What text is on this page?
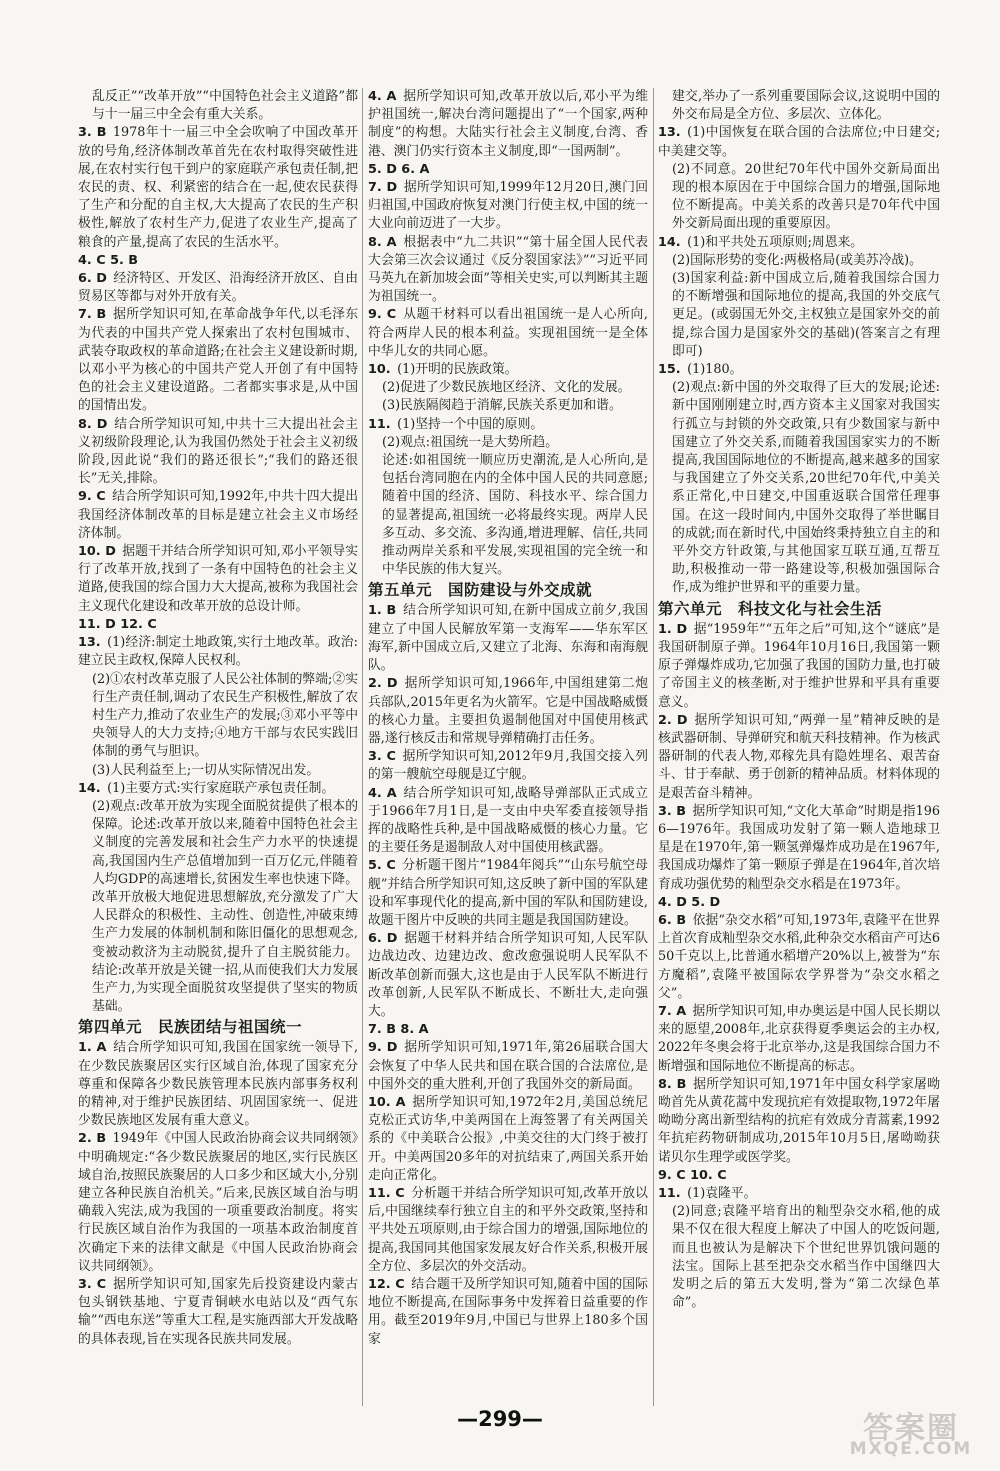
乱反正”“改革开放”“中国特色社会主义道路”都与十一届三中全会有重大关系。

3. B  1978年十一届三中全会吹响了中国改革开放的号角,经济体制改革首先在农村取得突破性进展,在农村实行包干到户的家庭联产承包责任制,把农民的责、权、利紧密的结合在一起,使农民获得了生产和分配的自主权,大大提高了农民的生产积极性,解放了农村生产力,促进了农业生产,提高了粮食的产量,提高了农民的生活水平。

4. C 5. B 

6. D  经济特区、开发区、沿海经济开放区、自由贸易区等都与对外开放有关。

7. B  据所学知识可知,在革命战争年代,以毛泽东为代表的中国共产党人探索出了农村包围城市、武装夺取政权的革命道路;在社会主义建设新时期,以邓小平为核心的中国共产党人开创了有中国特色的社会主义建设道路。二者都实事求是,从中国的国情出发。

8. D  结合所学知识可知,中共十三大提出社会主义初级阶段理论,认为我国仍然处于社会主义初级阶段,因此说“我们的路还很长”;“我们的路还很长”无关,排除。

9. C  结合所学知识可知,1992年,中共十四大提出我国经济体制改革的目标是建立社会主义市场经济体制。

10. D  据题干并结合所学知识可知,邓小平领导实行了改革开放,找到了一条有中国特色的社会主义道路,使我国的综合国力大大提高,被称为我国社会主义现代化建设和改革开放的总设计师。

11. D 12. C 

13.  (1)经济:制定土地政策,实行土地改革。政治:建立民主政权,保障人民权利。

(2)①农村改革克服了人民公社体制的弊端;②实行生产责任制,调动了农民生产积极性,解放了农村生产力,推动了农业生产的发展;③邓小平等中央领导人的大力支持;④地方干部与农民实践旧体制的勇气与胆识。

(3)人民利益至上;一切从实际情况出发。

14.  (1)主要方式:实行家庭联产承包责任制。

(2)观点:改革开放为实现全面脱贫提供了根本的保障。论述:改革开放以来,随着中国特色社会主义制度的完善发展和社会生产力水平的快速提高,我国国内生产总值增加到一百万亿元,伴随着人均GDP的高速增长,贫困发生率也快速下降。改革开放极大地促进思想解放,充分激发了广大人民群众的积极性、主动性、创造性,冲破束缚生产力发展的体制机制和陈旧僵化的思想观念,变被动救济为主动脱贫,提升了自主脱贫能力。结论:改革开放是关键一招,从而使我们大力发展生产力,为实现全面脱贫攻坚提供了坚实的物质基础。

第四单元　民族团结与祖国统一

1. A  结合所学知识可知,我国在国家统一领导下,在少数民族聚居区实行区域自治,体现了国家充分尊重和保障各少数民族管理本民族内部事务权利的精神,对于维护民族团结、巩固国家统一、促进少数民族地区发展有重大意义。

2. B  1949年《中国人民政治协商会议共同纲领》中明确规定:“各少数民族聚居的地区,实行民族区域自治,按照民族聚居的人口多少和区域大小,分别建立各种民族自治机关。”后来,民族区域自治与明确载入宪法,成为我国的一项重要政治制度。将实行民族区域自治作为我国的一项基本政治制度首次确定下来的法律文献是《中国人民政治协商会议共同纲领》。

3. C  据所学知识可知,国家先后投资建设内蒙古包头钢铁基地、宁夏青铜峡水电站以及“西气东输”“西电东送”等重大工程,是实施西部大开发战略的具体表现,旨在实现各民族共同发展。

4. A  据所学知识可知,改革开放以后,邓小平为维护祖国统一,解决台湾问题提出了“一个国家,两种制度”的构想。大陆实行社会主义制度,台湾、香港、澳门仍实行资本主义制度,即“一国两制”。

5. D 6. A 

7. D  据所学知识可知,1999年12月20日,澳门回归祖国,中国政府恢复对澳门行使主权,中国的统一大业向前迈进了一大步。

8. A  根据表中“九二共识”“第十届全国人民代表大会第三次会议通过《反分裂国家法》”“习近平同马英九在新加坡会面”等相关史实,可以判断其主题为祖国统一。

9. C  从题干材料可以看出祖国统一是人心所向,符合两岸人民的根本利益。实现祖国统一是全体中华儿女的共同心愿。

10.  (1)开明的民族政策。

(2)促进了少数民族地区经济、文化的发展。

(3)民族隔阂趋于消解,民族关系更加和谐。

11.  (1)坚持一个中国的原则。

(2)观点:祖国统一是大势所趋。

论述:如祖国统一顺应历史潮流,是人心所向,是包括台湾同胞在内的全体中国人民的共同意愿;随着中国的经济、国防、科技水平、综合国力的显著提高,祖国统一必将最终实现。两岸人民多互动、多交流、多沟通,增进理解、信任,共同推动两岸关系和平发展,实现祖国的完全统一和中华民族的伟大复兴。

第五单元　国防建设与外交成就

1. B  结合所学知识可知,在新中国成立前夕,我国建立了中国人民解放军第一支海军——华东军区海军,新中国成立后,又建立了北海、东海和南海舰队。

2. D  据所学知识可知,1966年,中国组建第二炮兵部队,2015年更名为火箭军。它是中国战略威慑的核心力量。主要担负遏制他国对中国使用核武器,遂行核反击和常规导弹精确打击任务。

3. C  据所学知识可知,2012年9月,我国交接入列的第一艘航空母舰是辽宁舰。

4. A  结合所学知识可知,战略导弹部队正式成立于1966年7月1日,是一支由中央军委直接领导指挥的战略性兵种,是中国战略威慑的核心力量。它的主要任务是遏制敌人对中国使用核武器。

5. C  分析题干图片“1984年阅兵”“山东号航空母舰”并结合所学知识可知,这反映了新中国的军队建设和军事现代化的提高,新中国的军队和国防建设,故题干图片中反映的共同主题是我国国防建设。

6. D  据题干材料并结合所学知识可知,人民军队边战边改、边建边改、愈改愈强说明人民军队不断改革创新而强大,这也是由于人民军队不断进行改革创新,人民军队不断成长、不断壮大,走向强大。

7. B 8. A 

9. D  据所学知识可知,1971年,第26届联合国大会恢复了中华人民共和国在联合国的合法席位,是中国外交的重大胜利,开创了我国外交的新局面。

10. A  据所学知识可知,1972年2月,美国总统尼克松正式访华,中美两国在上海签署了有关两国关系的《中美联合公报》,中美交往的大门终于被打开。中美两国20多年的对抗结束了,两国关系开始走向正常化。

11. C  分析题干并结合所学知识可知,改革开放以后,中国继续奉行独立自主的和平外交政策,坚持和平共处五项原则,由于综合国力的增强,国际地位的提高,我国同其他国家发展友好合作关系,积极开展全方位、多层次的外交活动。

12. C  结合题干及所学知识可知,随着中国的国际地位不断提高,在国际事务中发挥着日益重要的作用。截至2019年9月,中国已与世界上180多个国家

建交,举办了一系列重要国际会议,这说明中国的外交布局是全方位、多层次、立体化。

13.  (1)中国恢复在联合国的合法席位;中日建交;中美建交等。

(2)不同意。20世纪70年代中国外交新局面出现的根本原因在于中国综合国力的增强,国际地位不断提高。中美关系的改善只是70年代中国外交新局面出现的重要原因。

14.  (1)和平共处五项原则;周恩来。

(2)国际形势的变化:两极格局(或美苏冷战)。

(3)国家利益:新中国成立后,随着我国综合国力的不断增强和国际地位的提高,我国的外交底气更足。(或弱国无外交,主权独立是国家外交的前提,综合国力是国家外交的基础)(答案言之有理即可)

15.  (1)180。

(2)观点:新中国的外交取得了巨大的发展;论述:新中国刚刚建立时,西方资本主义国家对我国实行孤立与封锁的外交政策,只有少数国家与新中国建立了外交关系,而随着我国国家实力的不断提高,我国国际地位的不断提高,越来越多的国家与我国建立了外交关系,20世纪70年代,中美关系正常化,中日建交,中国重返联合国常任理事国。在这一段时间内,中国外交取得了举世瞩目的成就;而在新时代,中国始终秉持独立自主的和平外交方针政策,与其他国家互联互通,互帮互助,积极推动一带一路建设等,积极加强国际合作,成为维护世界和平的重要力量。

第六单元　科技文化与社会生活

1. D  据“1959年”“五年之后”可知,这个“谜底”是我国研制原子弹。1964年10月16日,我国第一颗原子弹爆炸成功,它加强了我国的国防力量,也打破了帝国主义的核垄断,对于维护世界和平具有重要意义。

2. D  据所学知识可知,“两弹一星”精神反映的是核武器研制、导弹研究和航天科技精神。作为核武器研制的代表人物,邓稼先具有隐姓埋名、艰苦奋斗、甘于奉献、勇于创新的精神品质。材料体现的是艰苦奋斗精神。

3. B  据所学知识可知,“文化大革命”时期是指1966—1976年。我国成功发射了第一颗人造地球卫星是在1970年,第一颗氢弹爆炸成功是在1967年,我国成功爆炸了第一颗原子弹是在1964年,首次培育成功强优势的籼型杂交水稻是在1973年。

4. D 5. D 

6. B  依据“杂交水稻”可知,1973年,袁隆平在世界上首次育成籼型杂交水稻,此种杂交水稻亩产可达650千克以上,比普通水稻增产20%以上,被誉为“东方魔稻”,袁隆平被国际农学界誉为“杂交水稻之父”。

7. A  据所学知识可知,申办奥运是中国人民长期以来的愿望,2008年,北京获得夏季奥运会的主办权,2022年冬奥会将于北京举办,这是我国综合国力不断增强和国际地位不断提高的标志。

8. B  据所学知识可知,1971年中国女科学家屠呦呦首先从黄花蒿中发现抗疟有效提取物,1972年屠呦呦分离出新型结构的抗疟有效成分青蒿素,1992年抗疟药物研制成功,2015年10月5日,屠呦呦获诺贝尔生理学或医学奖。

9. C 10. C 

11.  (1)袁隆平。

(2)同意;袁隆平培育出的籼型杂交水稻,他的成果不仅在很大程度上解决了中国人的吃饭问题,而且也被认为是解决下个世纪世界饥饿问题的法宝。国际上甚至把杂交水稻当作中国继四大发明之后的第五大发明,誉为“第二次绿色革命”。

—299—	答案圈
MXQE.COM
